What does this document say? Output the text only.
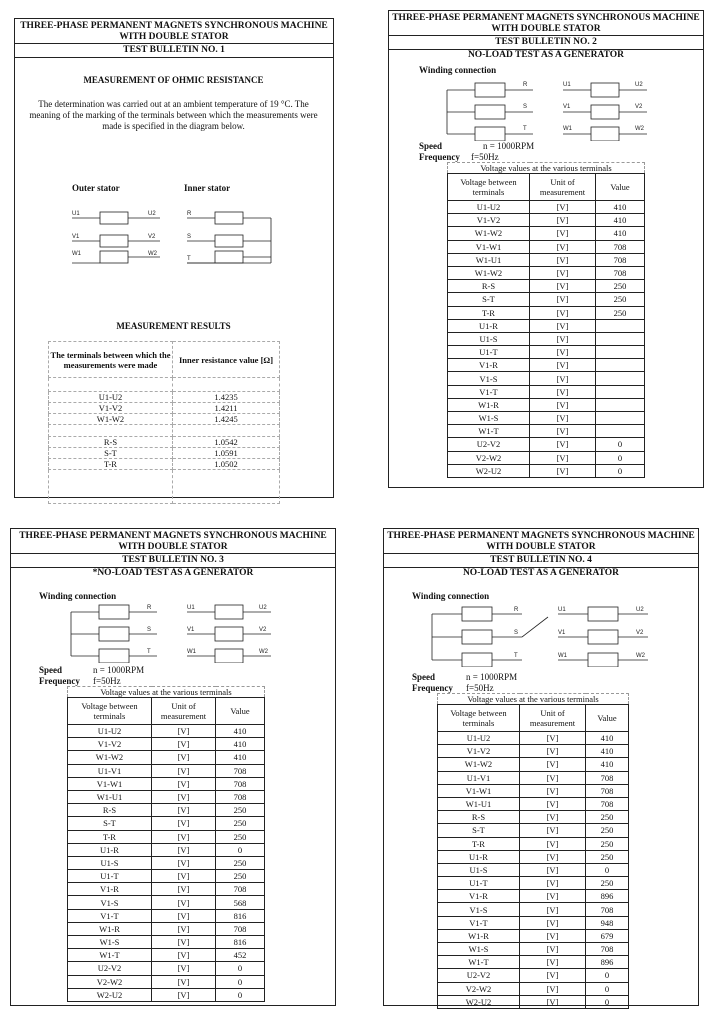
THREE-PHASE PERMANENT MAGNETS SYNCHRONOUS MACHINE
WITH DOUBLE STATOR
TEST BULLETIN NO. 1
MEASUREMENT OF OHMIC RESISTANCE
The determination was carried out at an ambient temperature of 19 °C. The
meaning of the marking of the terminals between which the measurements were
made is specified in the diagram below.
Outer stator	Inner stator
U1	U2
V1	V2
W1	W2
R
S
T
MEASUREMENT RESULTS
The terminals between which the measurements were made	Inner resistance value [Ω]

U1-U2	1.4235
V1-V2	1.4211
W1-W2	1.4245

R-S	1.0542
S-T	1.0591
T-R	1.0502

THREE-PHASE PERMANENT MAGNETS SYNCHRONOUS MACHINE
WITH DOUBLE STATOR
TEST BULLETIN NO. 2
NO-LOAD TEST AS A GENERATOR
Winding connection
R
S
T
U1	U2
V1	V2
W1	W2
Speed	n = 1000RPM
Frequency f=50Hz
Voltage values at the various terminals		
Voltage between terminals	Unit of measurement	Value
U1-U2	[V]	410
V1-V2	[V]	410
W1-W2	[V]	410
V1-W1	[V]	708
W1-U1	[V]	708
W1-W2	[V]	708
R-S	[V]	250
S-T	[V]	250
T-R	[V]	250
U1-R	[V]	
U1-S	[V]	
U1-T	[V]	
V1-R	[V]	
V1-S	[V]	
V1-T	[V]	
W1-R	[V]	
W1-S	[V]	
W1-T	[V]	
U2-V2	[V]	0
V2-W2	[V]	0
W2-U2	[V]	0
THREE-PHASE PERMANENT MAGNETS SYNCHRONOUS MACHINE
WITH DOUBLE STATOR
TEST BULLETIN NO. 3
*NO-LOAD TEST AS A GENERATOR
Winding connection
R
S
T
U1	U2
V1	V2
W1	W2
Speed	n = 1000RPM
Frequency f=50Hz
Voltage values at the various terminals		
Voltage between terminals	Unit of measurement	Value
U1-U2	[V]	410
V1-V2	[V]	410
W1-W2	[V]	410
U1-V1	[V]	708
V1-W1	[V]	708
W1-U1	[V]	708
R-S	[V]	250
S-T	[V]	250
T-R	[V]	250
U1-R	[V]	0
U1-S	[V]	250
U1-T	[V]	250
V1-R	[V]	708
V1-S	[V]	568
V1-T	[V]	816
W1-R	[V]	708
W1-S	[V]	816
W1-T	[V]	452
U2-V2	[V]	0
V2-W2	[V]	0
W2-U2	[V]	0
THREE-PHASE PERMANENT MAGNETS SYNCHRONOUS MACHINE
WITH DOUBLE STATOR
TEST BULLETIN NO. 4
NO-LOAD TEST AS A GENERATOR
Winding connection
R
S
T
U1	U2
V1	V2
W1	W2
Speed	n = 1000RPM
Frequency f=50Hz
Voltage values at the various terminals		
Voltage between terminals	Unit of measurement	Value
U1-U2	[V]	410
V1-V2	[V]	410
W1-W2	[V]	410
U1-V1	[V]	708
V1-W1	[V]	708
W1-U1	[V]	708
R-S	[V]	250
S-T	[V]	250
T-R	[V]	250
U1-R	[V]	250
U1-S	[V]	0
U1-T	[V]	250
V1-R	[V]	896
V1-S	[V]	708
V1-T	[V]	948
W1-R	[V]	679
W1-S	[V]	708
W1-T	[V]	896
U2-V2	[V]	0
V2-W2	[V]	0
W2-U2	[V]	0
